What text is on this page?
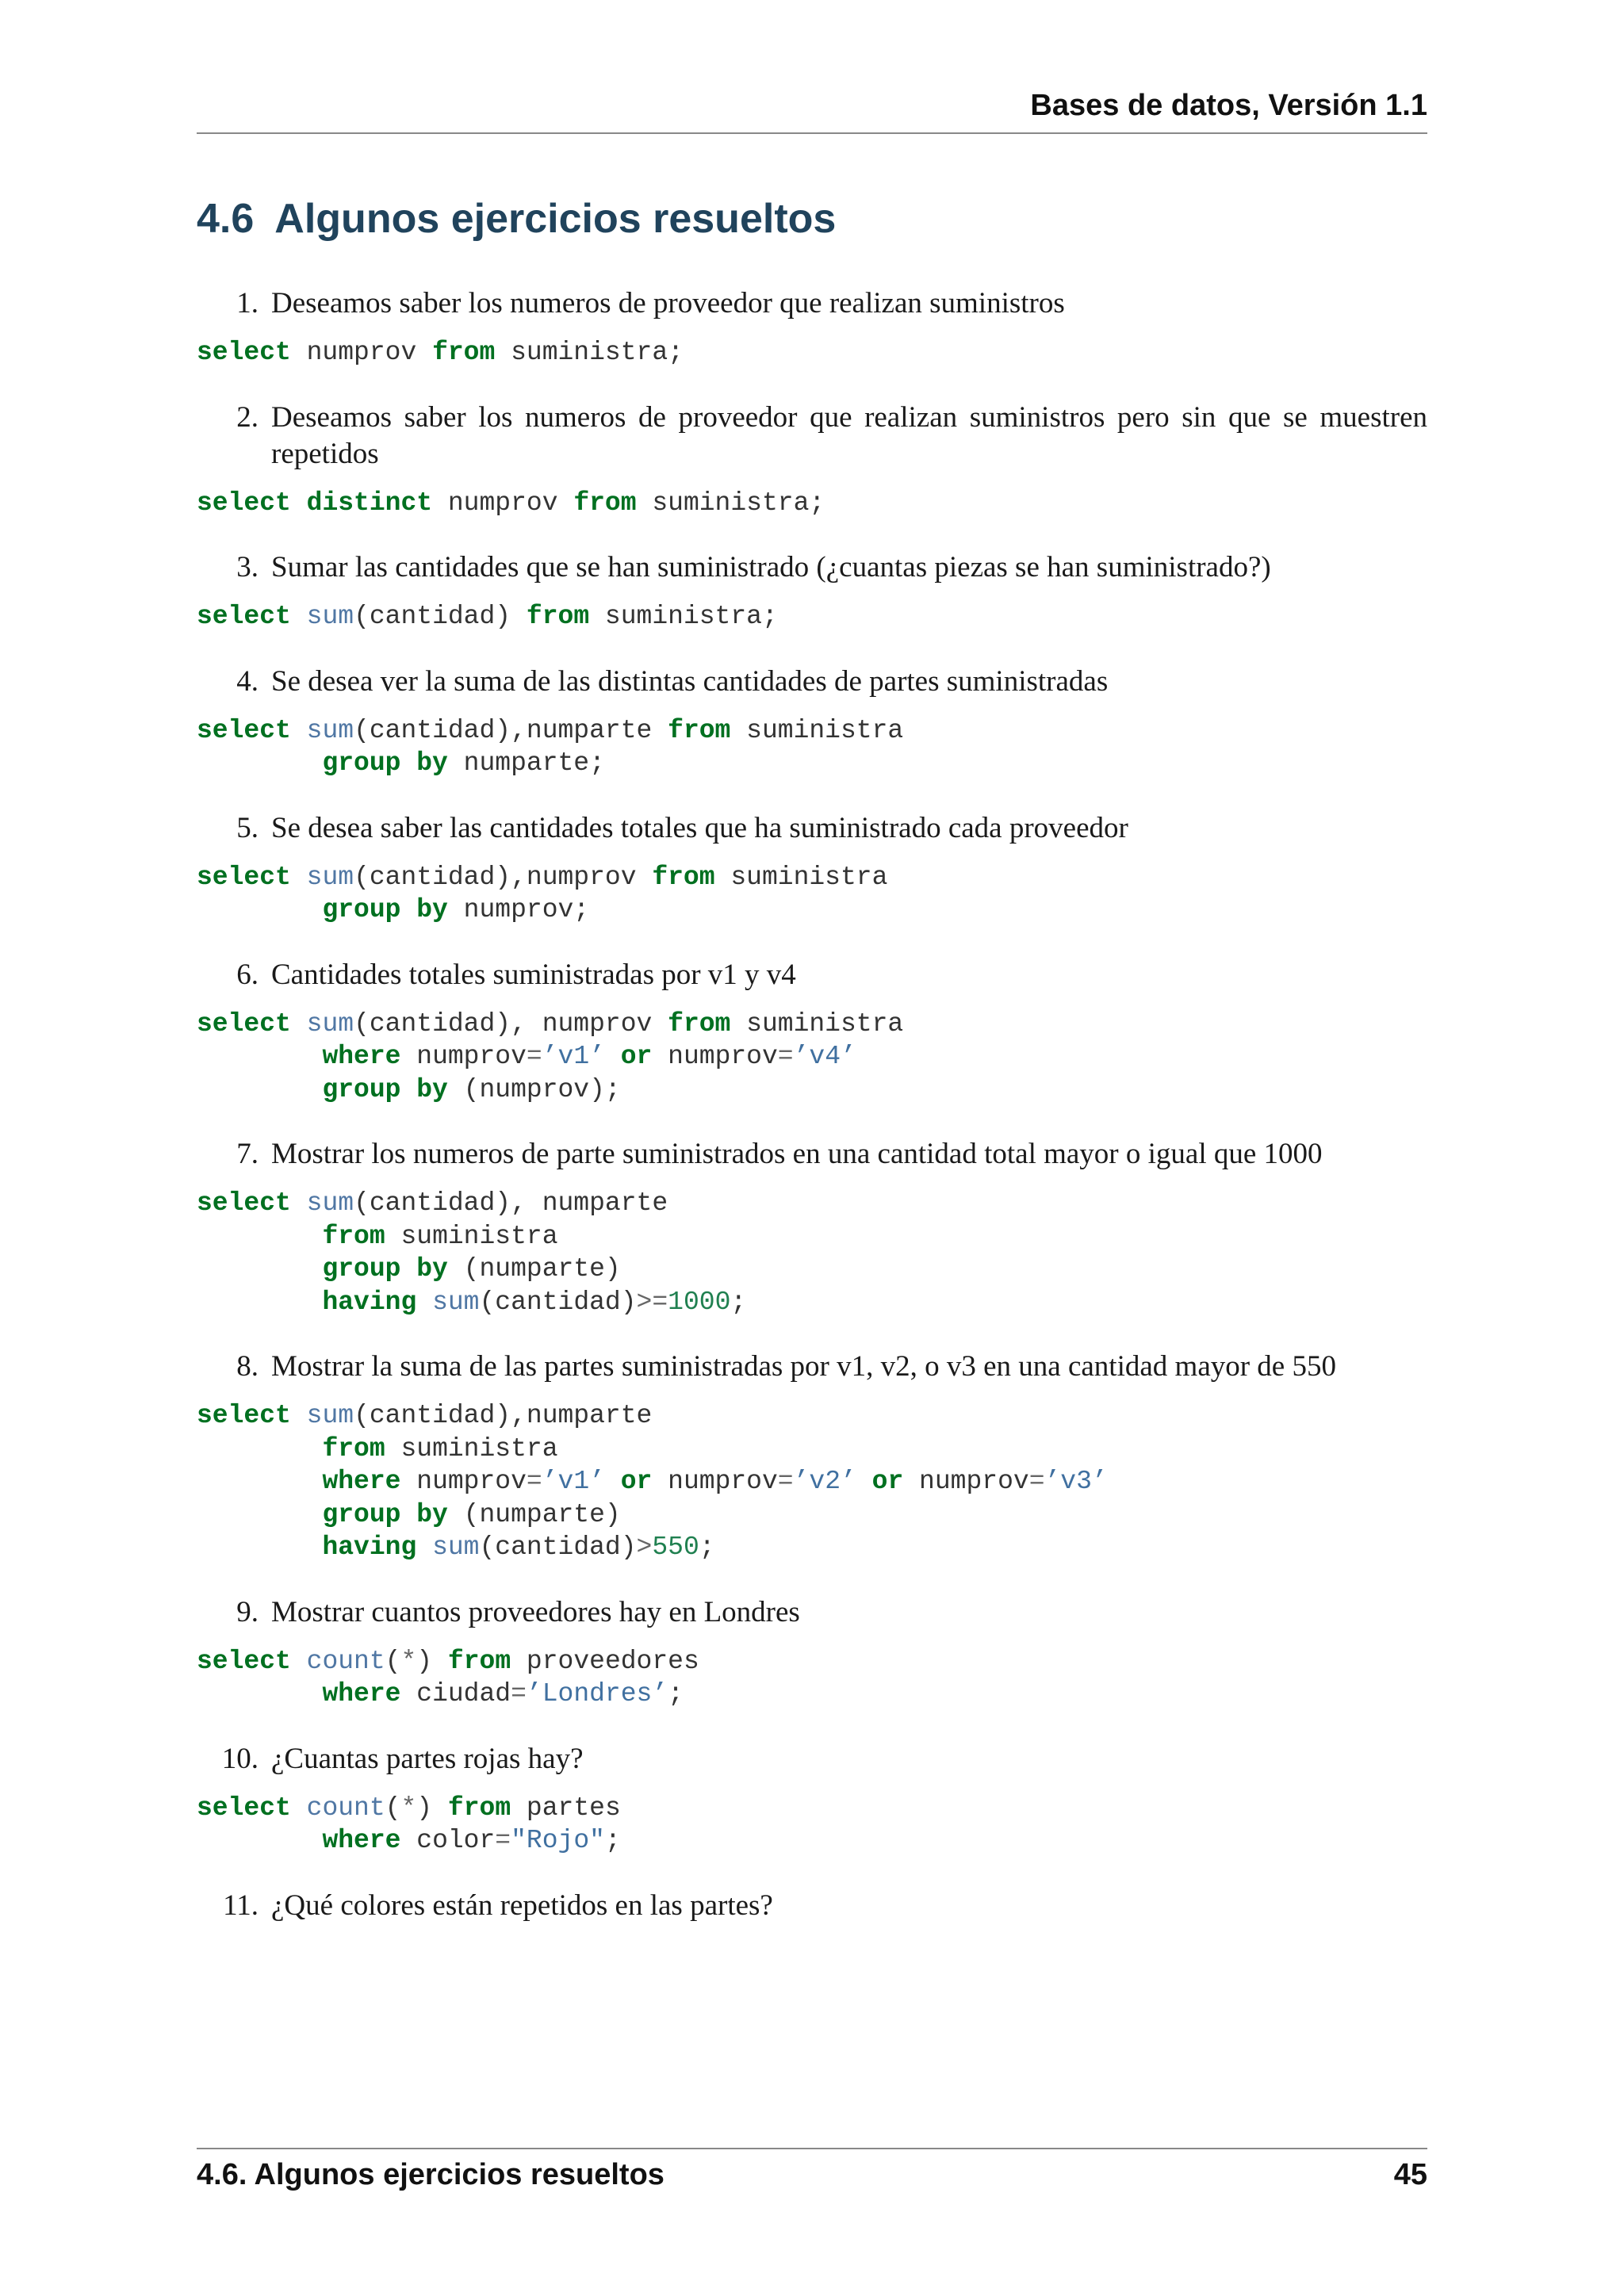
Bases de datos, Versión 1.1
4.6 Algunos ejercicios resueltos
1. Deseamos saber los numeros de proveedor que realizan suministros
select numprov from suministra;
2. Deseamos saber los numeros de proveedor que realizan suministros pero sin que se muestren repetidos
select distinct numprov from suministra;
3. Sumar las cantidades que se han suministrado (¿cuantas piezas se han suministrado?)
select sum(cantidad) from suministra;
4. Se desea ver la suma de las distintas cantidades de partes suministradas
select sum(cantidad),numparte from suministra
group by numparte;
5. Se desea saber las cantidades totales que ha suministrado cada proveedor
select sum(cantidad),numprov from suministra
group by numprov;
6. Cantidades totales suministradas por v1 y v4
select sum(cantidad), numprov from suministra
where numprov=’v1’ or numprov=’v4’
group by (numprov);
7. Mostrar los numeros de parte suministrados en una cantidad total mayor o igual que 1000
select sum(cantidad), numparte
from suministra
group by (numparte)
having sum(cantidad)>=1000;
8. Mostrar la suma de las partes suministradas por v1, v2, o v3 en una cantidad mayor de 550
select sum(cantidad),numparte
from suministra
where numprov=’v1’ or numprov=’v2’ or numprov=’v3’
group by (numparte)
having sum(cantidad)>550;
9. Mostrar cuantos proveedores hay en Londres
select count(*) from proveedores
where ciudad=’Londres’;
10. ¿Cuantas partes rojas hay?
select count(*) from partes
where color="Rojo";
11. ¿Qué colores están repetidos en las partes?
4.6. Algunos ejercicios resueltos	45
